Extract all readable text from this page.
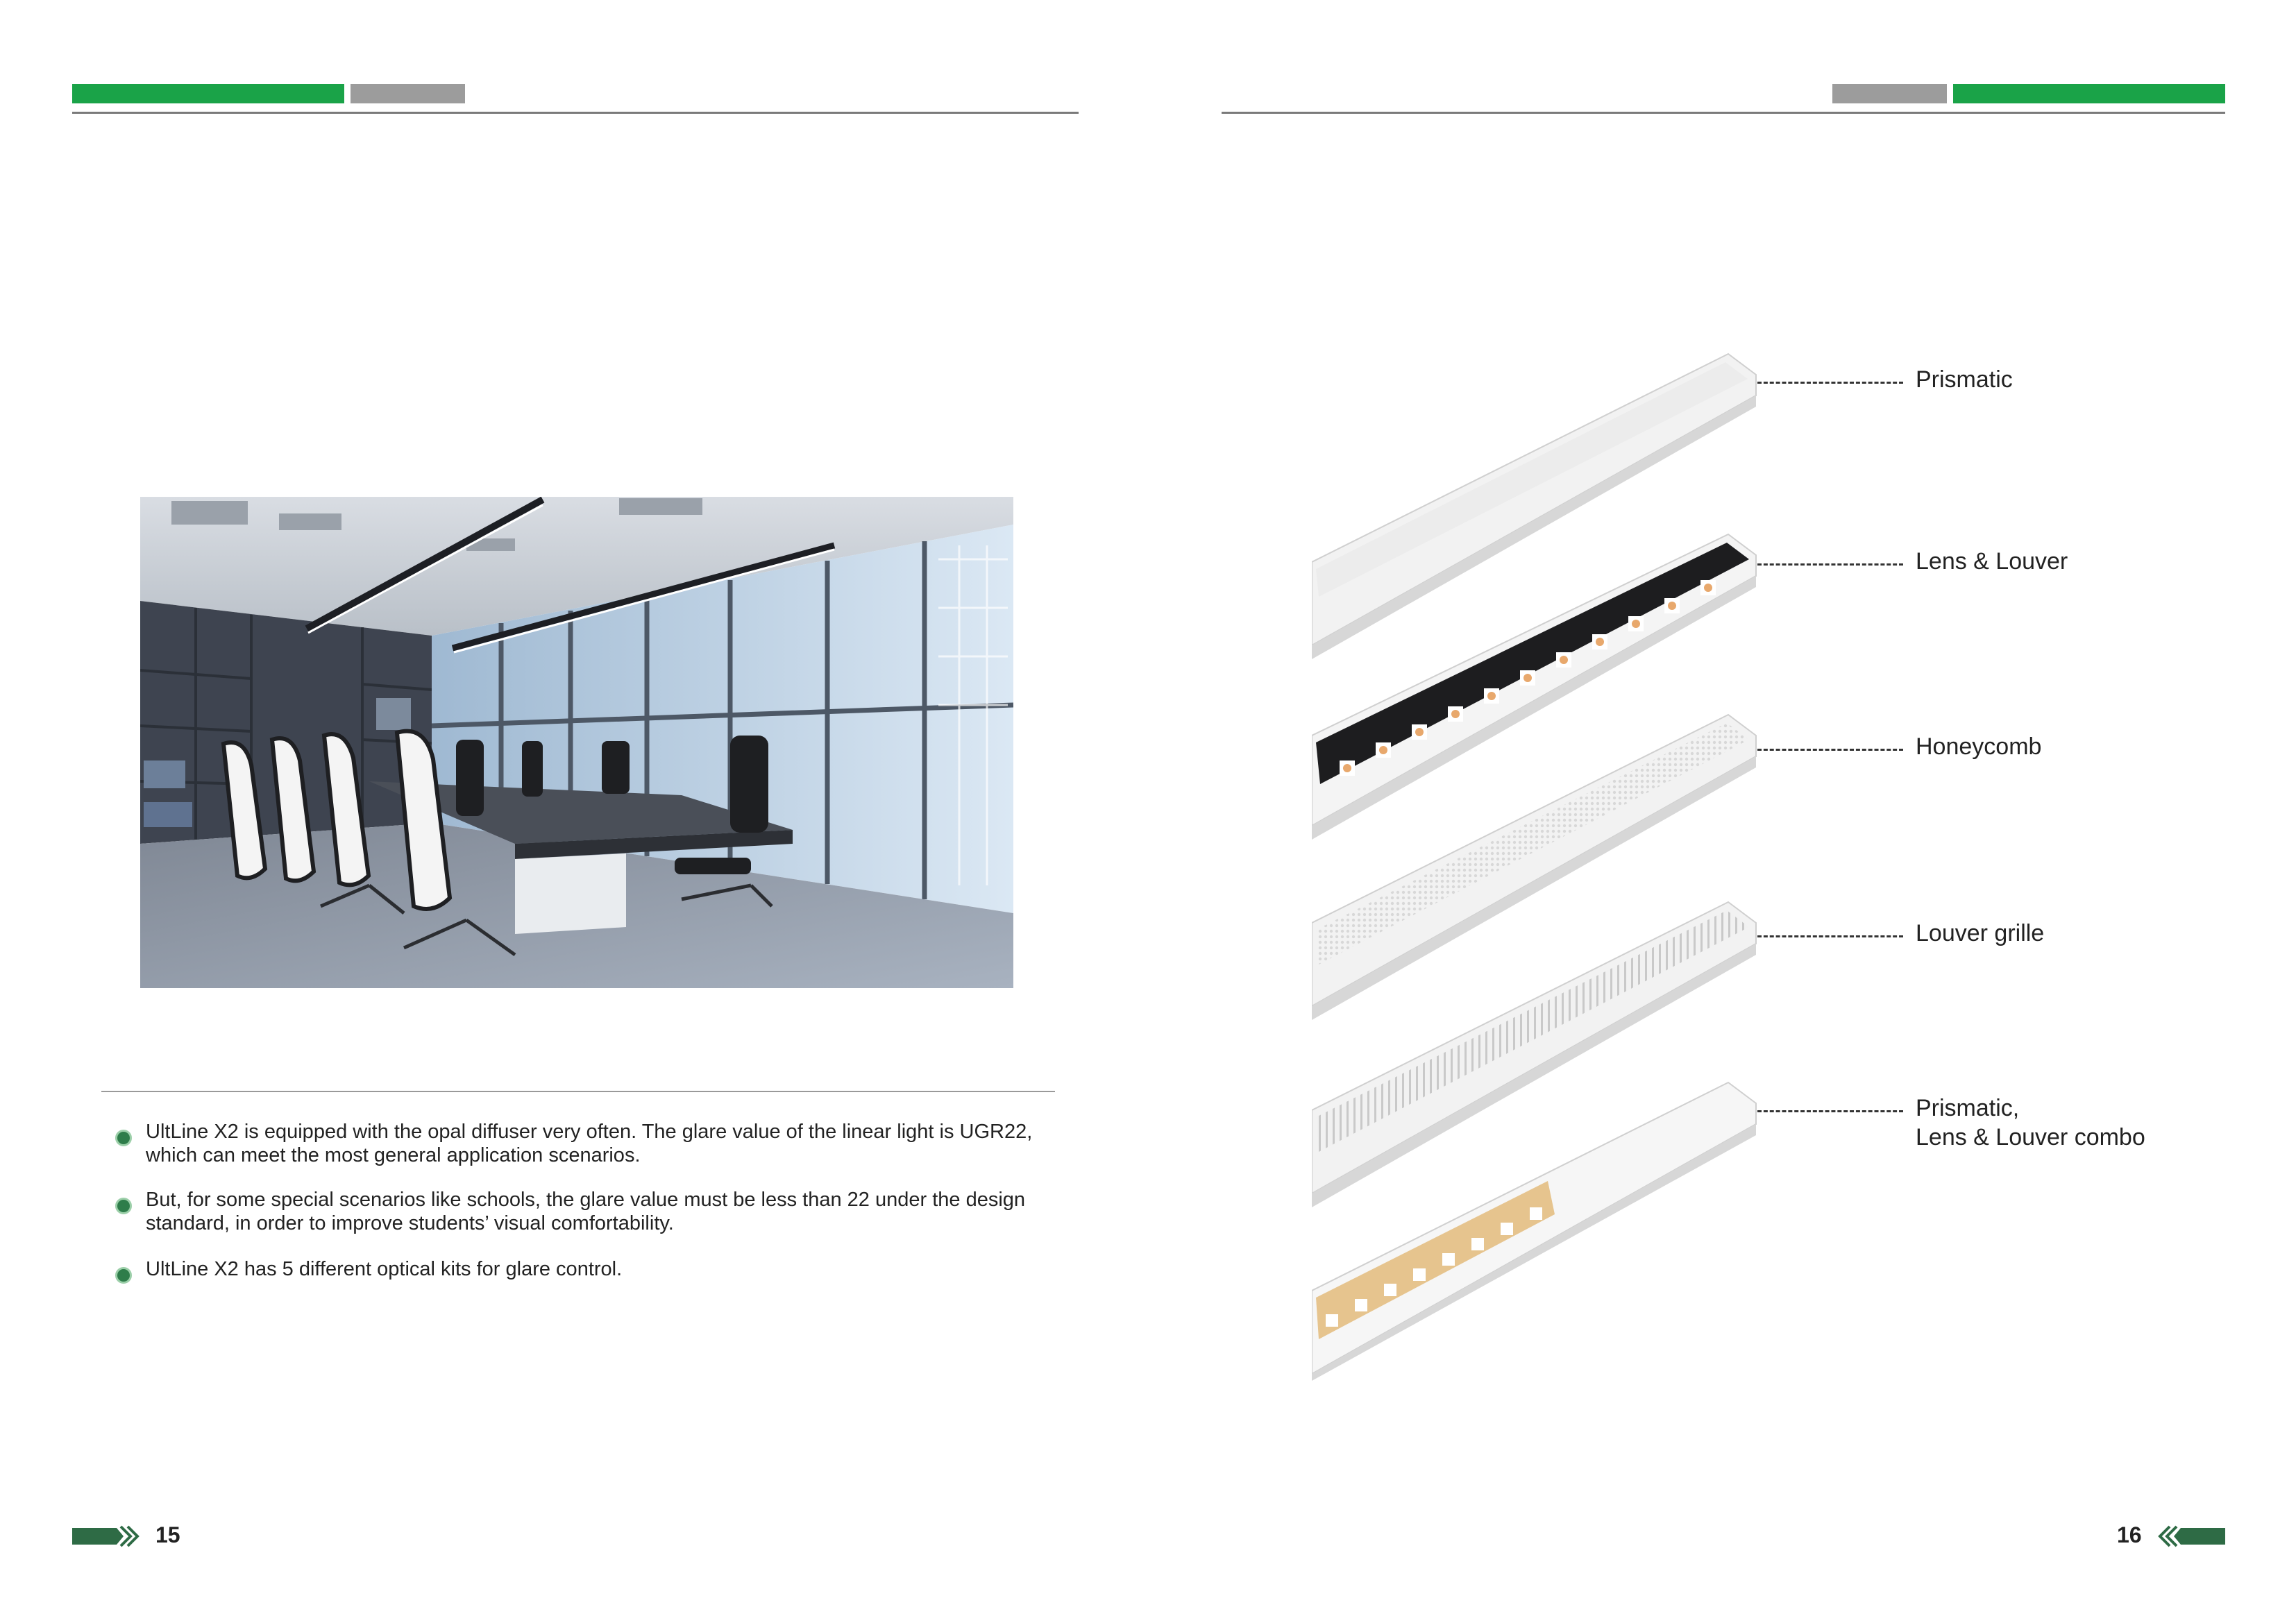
UltLine X2 is equipped with the opal diffuser very often. The glare value of the linear light is UGR22,
which can meet the most general application scenarios.
But, for some special scenarios like schools, the glare value must be less than 22 under the design
standard, in order to improve students’ visual comfortability.
UltLine X2 has 5 different optical kits for glare control.
15	16
Prismatic
Lens & Louver
Honeycomb
Louver grille
Prismatic,
Lens & Louver combo
